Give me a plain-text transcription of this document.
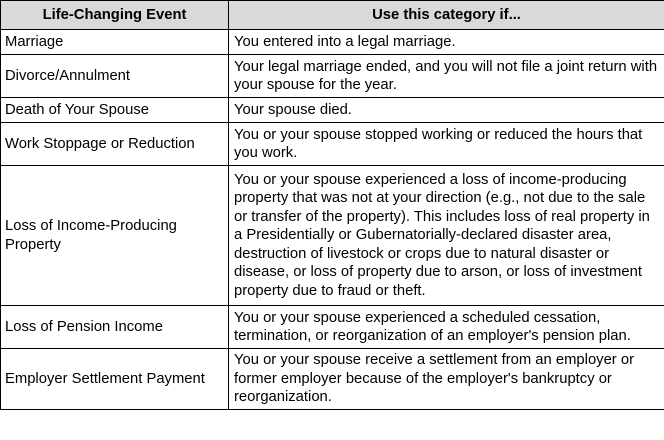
Life-Changing Event	Use this category if...
Marriage	You entered into a legal marriage.
Divorce/Annulment	Your legal marriage ended, and you will not file a joint return with your spouse for the year.
Death of Your Spouse	Your spouse died.
Work Stoppage or Reduction	You or your spouse stopped working or reduced the hours that you work.
Loss of Income-Producing Property	You or your spouse experienced a loss of income-producing property that was not at your direction (e.g., not due to the sale or transfer of the property). This includes loss of real property in a Presidentially or Gubernatorially-declared disaster area, destruction of livestock or crops due to natural disaster or disease, or loss of property due to arson, or loss of investment property due to fraud or theft.
Loss of Pension Income	You or your spouse experienced a scheduled cessation, termination, or reorganization of an employer's pension plan.
Employer Settlement Payment	You or your spouse receive a settlement from an employer or former employer because of the employer's bankruptcy or reorganization.
